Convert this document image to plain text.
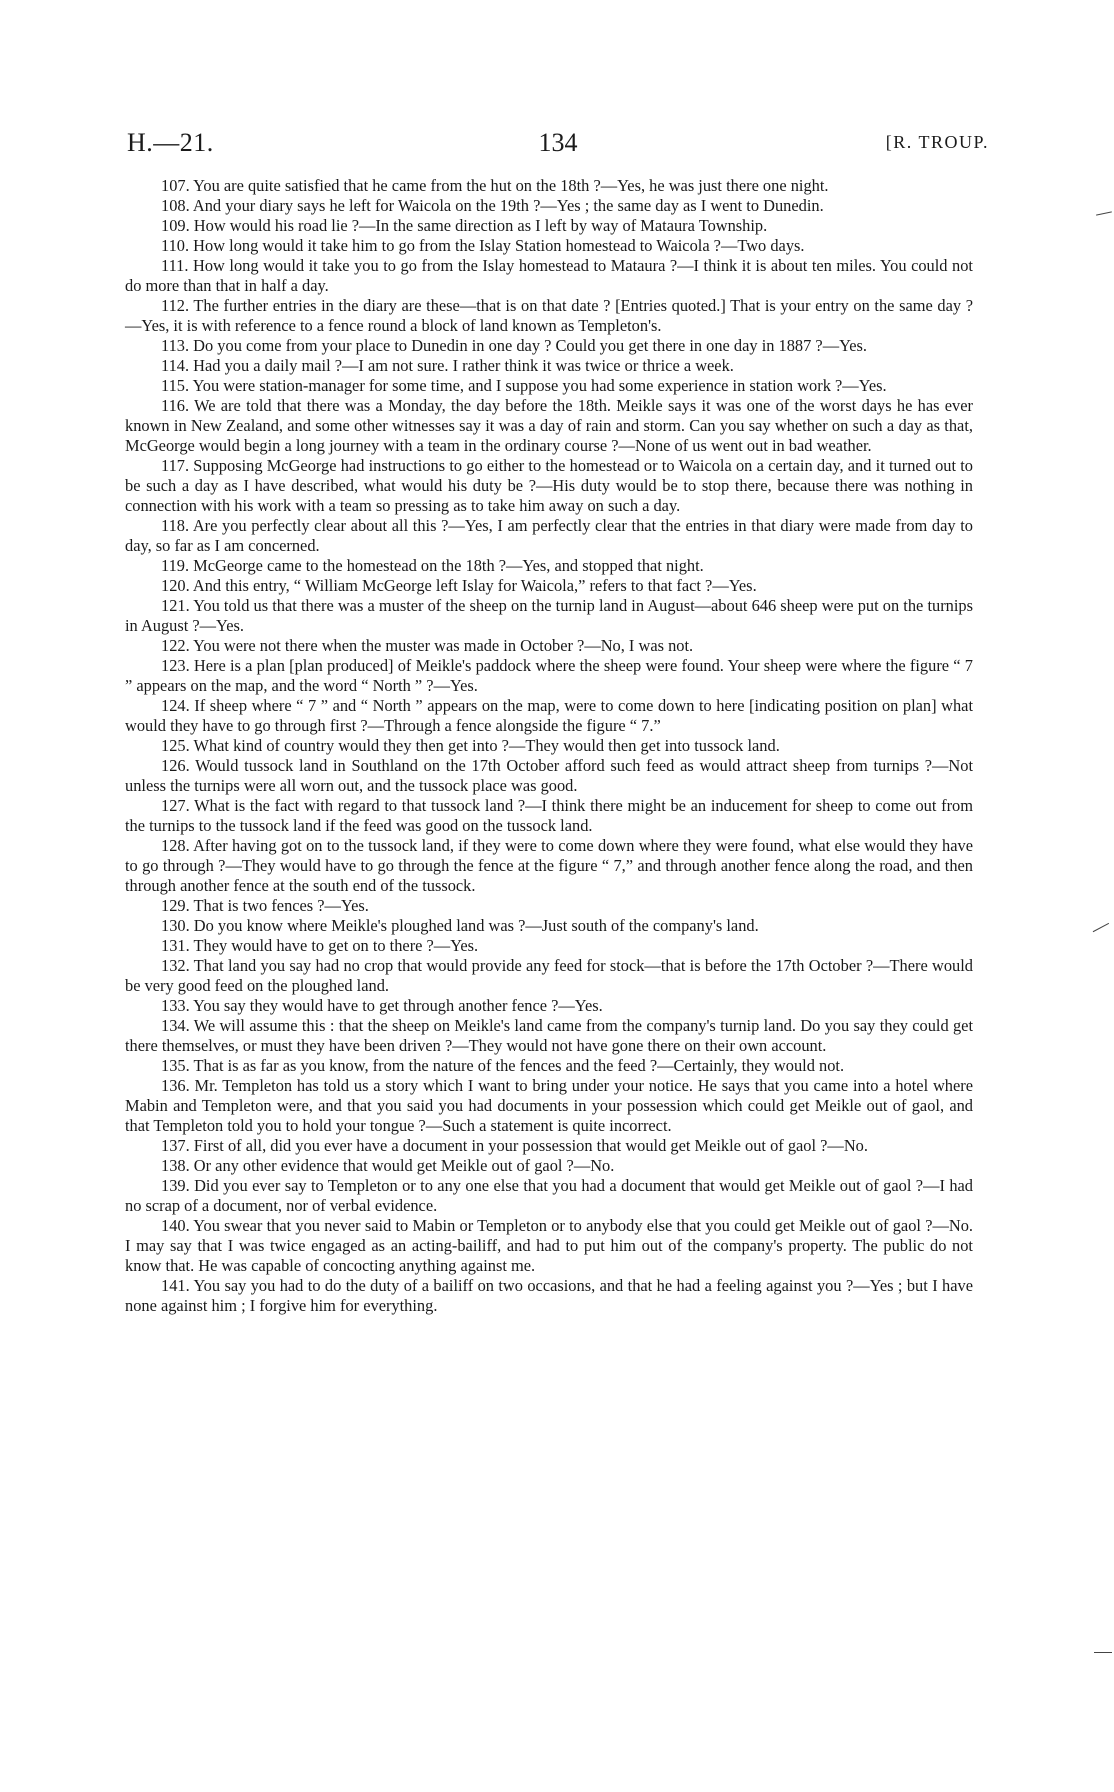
H.—21.	134	[R. TROUP.

107. You are quite satisfied that he came from the hut on the 18th ?—Yes, he was just there one night.

108. And your diary says he left for Waicola on the 19th ?—Yes ; the same day as I went to Dunedin.

109. How would his road lie ?—In the same direction as I left by way of Mataura Township.

110. How long would it take him to go from the Islay Station homestead to Waicola ?—Two days.

111. How long would it take you to go from the Islay homestead to Mataura ?—I think it is about ten miles. You could not do more than that in half a day.

112. The further entries in the diary are these—that is on that date ? [Entries quoted.] That is your entry on the same day ?—Yes, it is with reference to a fence round a block of land known as Templeton's.

113. Do you come from your place to Dunedin in one day ? Could you get there in one day in 1887 ?—Yes.

114. Had you a daily mail ?—I am not sure. I rather think it was twice or thrice a week.

115. You were station-manager for some time, and I suppose you had some experience in station work ?—Yes.

116. We are told that there was a Monday, the day before the 18th. Meikle says it was one of the worst days he has ever known in New Zealand, and some other witnesses say it was a day of rain and storm. Can you say whether on such a day as that, McGeorge would begin a long journey with a team in the ordinary course ?—None of us went out in bad weather.

117. Supposing McGeorge had instructions to go either to the homestead or to Waicola on a certain day, and it turned out to be such a day as I have described, what would his duty be ?—His duty would be to stop there, because there was nothing in connection with his work with a team so pressing as to take him away on such a day.

118. Are you perfectly clear about all this ?—Yes, I am perfectly clear that the entries in that diary were made from day to day, so far as I am concerned.

119. McGeorge came to the homestead on the 18th ?—Yes, and stopped that night.

120. And this entry, “ William McGeorge left Islay for Waicola,” refers to that fact ?—Yes.

121. You told us that there was a muster of the sheep on the turnip land in August—about 646 sheep were put on the turnips in August ?—Yes.

122. You were not there when the muster was made in October ?—No, I was not.

123. Here is a plan [plan produced] of Meikle's paddock where the sheep were found. Your sheep were where the figure “ 7 ” appears on the map, and the word “ North ” ?—Yes.

124. If sheep where “ 7 ” and “ North ” appears on the map, were to come down to here [indicating position on plan] what would they have to go through first ?—Through a fence alongside the figure “ 7.”

125. What kind of country would they then get into ?—They would then get into tussock land.

126. Would tussock land in Southland on the 17th October afford such feed as would attract sheep from turnips ?—Not unless the turnips were all worn out, and the tussock place was good.

127. What is the fact with regard to that tussock land ?—I think there might be an inducement for sheep to come out from the turnips to the tussock land if the feed was good on the tussock land.

128. After having got on to the tussock land, if they were to come down where they were found, what else would they have to go through ?—They would have to go through the fence at the figure “ 7,” and through another fence along the road, and then through another fence at the south end of the tussock.

129. That is two fences ?—Yes.

130. Do you know where Meikle's ploughed land was ?—Just south of the company's land.

131. They would have to get on to there ?—Yes.

132. That land you say had no crop that would provide any feed for stock—that is before the 17th October ?—There would be very good feed on the ploughed land.

133. You say they would have to get through another fence ?—Yes.

134. We will assume this : that the sheep on Meikle's land came from the company's turnip land. Do you say they could get there themselves, or must they have been driven ?—They would not have gone there on their own account.

135. That is as far as you know, from the nature of the fences and the feed ?—Certainly, they would not.

136. Mr. Templeton has told us a story which I want to bring under your notice. He says that you came into a hotel where Mabin and Templeton were, and that you said you had documents in your possession which could get Meikle out of gaol, and that Templeton told you to hold your tongue ?—Such a statement is quite incorrect.

137. First of all, did you ever have a document in your possession that would get Meikle out of gaol ?—No.

138. Or any other evidence that would get Meikle out of gaol ?—No.

139. Did you ever say to Templeton or to any one else that you had a document that would get Meikle out of gaol ?—I had no scrap of a document, nor of verbal evidence.

140. You swear that you never said to Mabin or Templeton or to anybody else that you could get Meikle out of gaol ?—No. I may say that I was twice engaged as an acting-bailiff, and had to put him out of the company's property. The public do not know that. He was capable of concocting anything against me.

141. You say you had to do the duty of a bailiff on two occasions, and that he had a feeling against you ?—Yes ; but I have none against him ; I forgive him for everything.
